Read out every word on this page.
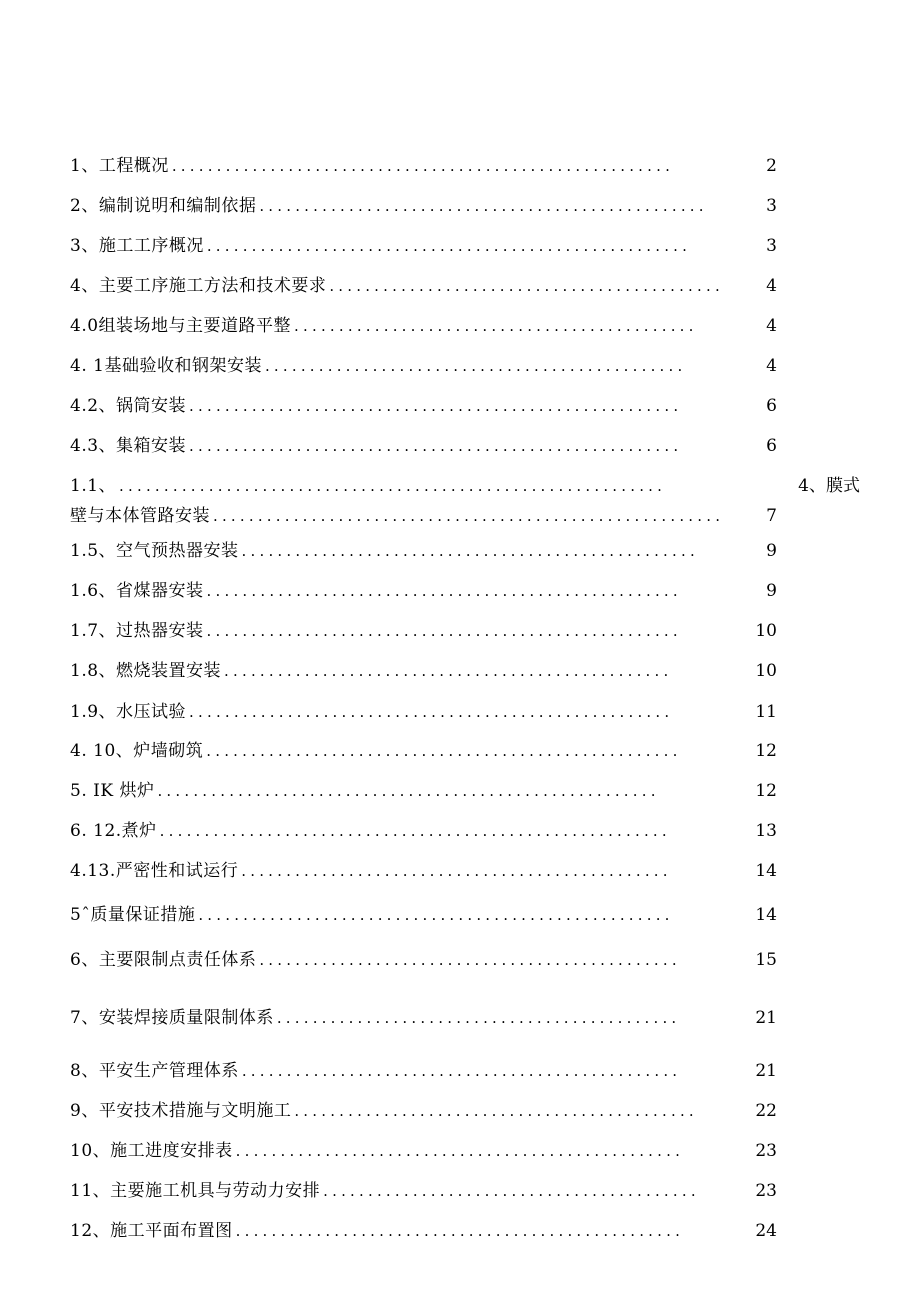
1、工程概况 ........................................................	2
2、编制说明和编制依据 ..................................................	3
3、施工工序概况 ......................................................	3
4、主要工序施工方法和技术要求 ............................................	4
4.0组装场地与主要道路平整 .............................................	4
4. 1基础验收和钢架安装 ...............................................	4
4.2、锅筒安装 .......................................................	6
4.3、集箱安装 .......................................................	6
1.1、 .............................................................	4、膜式
壁与本体管路安装 .........................................................	7
1.5、空气预热器安装 ...................................................	9
1.6、省煤器安装 .....................................................	9
1.7、过热器安装 .....................................................	10
1.8、燃烧装置安装 ..................................................	10
1.9、水压试验 ......................................................	11
4. 10、炉墙砌筑 .....................................................	12
5. IK 烘炉 ........................................................	12
6. 12.煮炉 .........................................................	13
4.13.严密性和试运行 ................................................	14
5ˆ质量保证措施 .....................................................	14
6、主要限制点责任体系 ...............................................	15
7、安装焊接质量限制体系 .............................................	21
8、平安生产管理体系 .................................................	21
9、平安技术措施与文明施工 .............................................	22
10、施工进度安排表 ..................................................	23
11、主要施工机具与劳动力安排 ..........................................	23
12、施工平面布置图 ..................................................	24
